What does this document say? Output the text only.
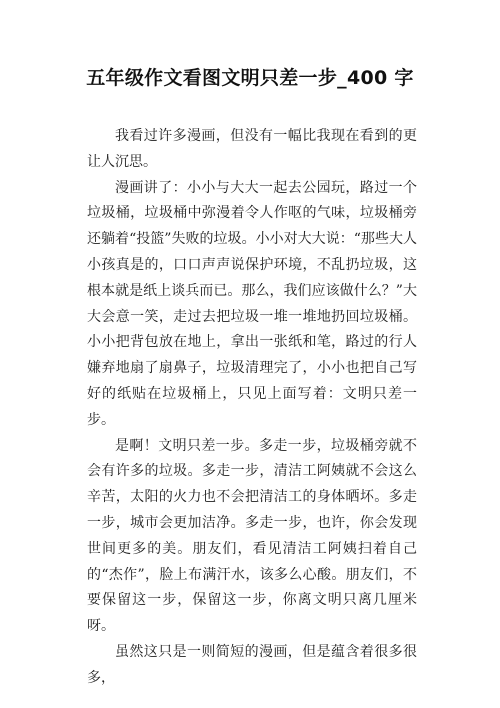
五年级作文看图文明只差一步_400 字

我看过许多漫画，但没有一幅比我现在看到的更让人沉思。

漫画讲了：小小与大大一起去公园玩，路过一个垃圾桶，垃圾桶中弥漫着令人作呕的气味，垃圾桶旁还躺着“投篮”失败的垃圾。小小对大大说：“那些大人小孩真是的，口口声声说保护环境，不乱扔垃圾，这根本就是纸上谈兵而已。那么，我们应该做什么？”大大会意一笑，走过去把垃圾一堆一堆地扔回垃圾桶。小小把背包放在地上，拿出一张纸和笔，路过的行人嫌弃地扇了扇鼻子，垃圾清理完了，小小也把自己写好的纸贴在垃圾桶上，只见上面写着：文明只差一步。

是啊！文明只差一步。多走一步，垃圾桶旁就不会有许多的垃圾。多走一步，清洁工阿姨就不会这么辛苦，太阳的火力也不会把清洁工的身体晒坏。多走一步，城市会更加洁净。多走一步，也许，你会发现世间更多的美。朋友们，看见清洁工阿姨扫着自己的“杰作”，脸上布满汗水，该多么心酸。朋友们，不要保留这一步，保留这一步，你离文明只离几厘米呀。

虽然这只是一则简短的漫画，但是蕴含着很多很多，
